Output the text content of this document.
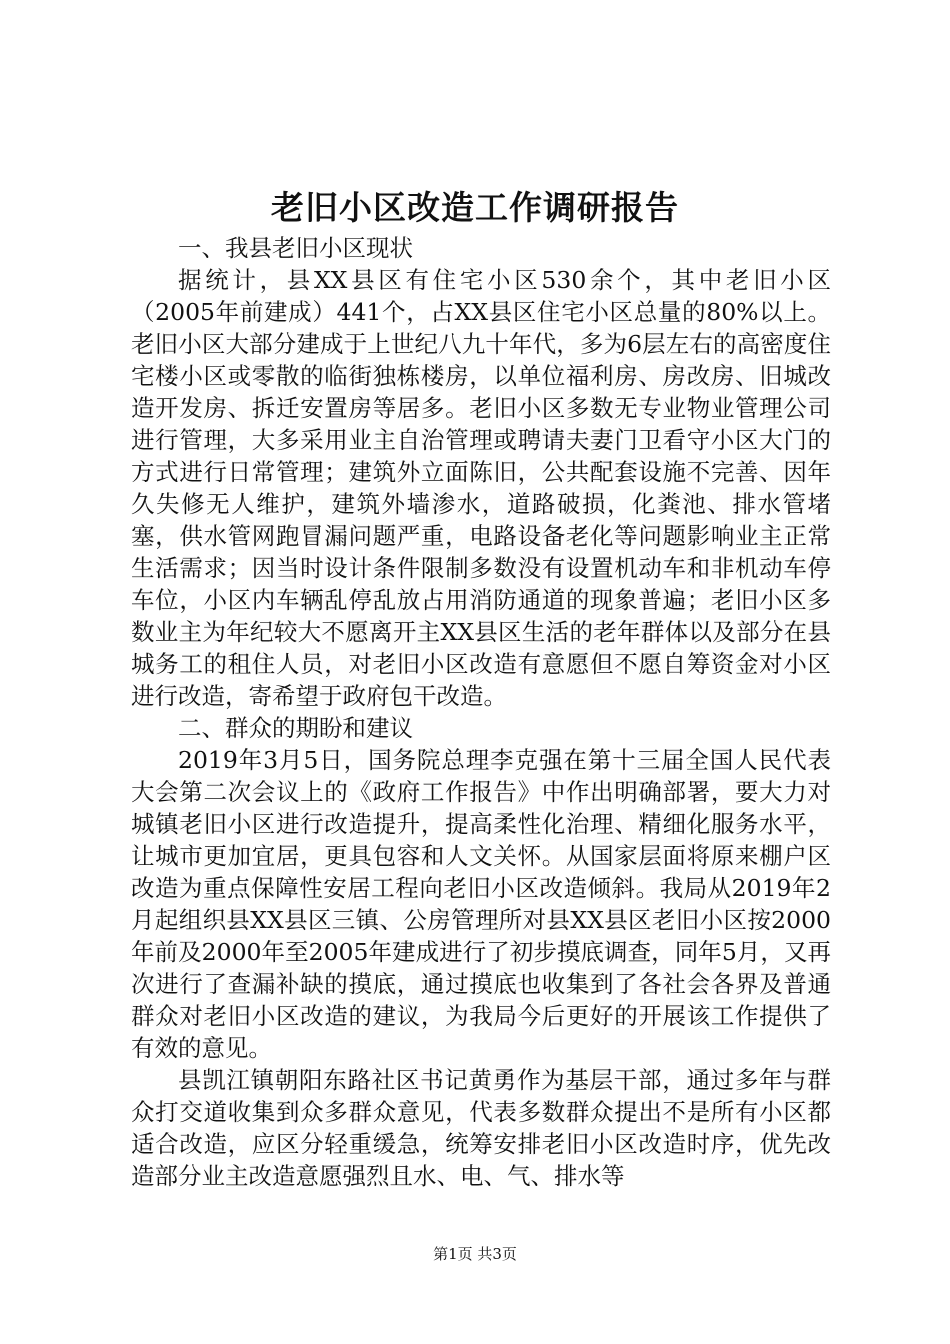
老旧小区改造工作调研报告

一、我县老旧小区现状

据统计，县XX县区有住宅小区530余个，其中老旧小区（2005年前建成）441个，占XX县区住宅小区总量的80%以上。老旧小区大部分建成于上世纪八九十年代，多为6层左右的高密度住宅楼小区或零散的临街独栋楼房，以单位福利房、房改房、旧城改造开发房、拆迁安置房等居多。老旧小区多数无专业物业管理公司进行管理，大多采用业主自治管理或聘请夫妻门卫看守小区大门的方式进行日常管理；建筑外立面陈旧，公共配套设施不完善、因年久失修无人维护，建筑外墙渗水，道路破损，化粪池、排水管堵塞，供水管网跑冒漏问题严重，电路设备老化等问题影响业主正常生活需求；因当时设计条件限制多数没有设置机动车和非机动车停车位，小区内车辆乱停乱放占用消防通道的现象普遍；老旧小区多数业主为年纪较大不愿离开主XX县区生活的老年群体以及部分在县城务工的租住人员，对老旧小区改造有意愿但不愿自筹资金对小区进行改造，寄希望于政府包干改造。

二、群众的期盼和建议

2019年3月5日，国务院总理李克强在第十三届全国人民代表大会第二次会议上的《政府工作报告》中作出明确部署，要大力对城镇老旧小区进行改造提升，提高柔性化治理、精细化服务水平，让城市更加宜居，更具包容和人文关怀。从国家层面将原来棚户区改造为重点保障性安居工程向老旧小区改造倾斜。我局从2019年2月起组织县XX县区三镇、公房管理所对县XX县区老旧小区按2000年前及2000年至2005年建成进行了初步摸底调查，同年5月，又再次进行了查漏补缺的摸底，通过摸底也收集到了各社会各界及普通群众对老旧小区改造的建议，为我局今后更好的开展该工作提供了有效的意见。

县凯江镇朝阳东路社区书记黄勇作为基层干部，通过多年与群众打交道收集到众多群众意见，代表多数群众提出不是所有小区都适合改造，应区分轻重缓急，统筹安排老旧小区改造时序，优先改造部分业主改造意愿强烈且水、电、气、排水等

第1页 共3页
